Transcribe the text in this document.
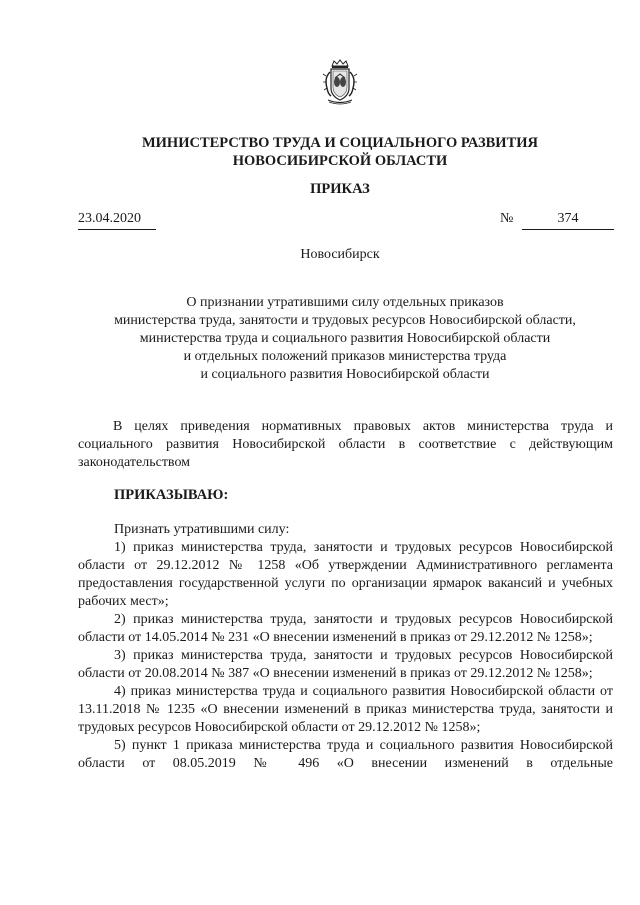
МИНИСТЕРСТВО ТРУДА И СОЦИАЛЬНОГО РАЗВИТИЯ
НОВОСИБИРСКОЙ ОБЛАСТИ
ПРИКАЗ
23.04.2020	№	374
Новосибирск
О признании утратившими силу отдельных приказов
министерства труда, занятости и трудовых ресурсов Новосибирской области,
министерства труда и социального развития Новосибирской области
и отдельных положений приказов министерства труда
и социального развития Новосибирской области
В целях приведения нормативных правовых актов министерства труда и социального развития Новосибирской области в соответствие с действующим законодательством
ПРИКАЗЫВАЮ:

Признать утратившими силу:

1) приказ министерства труда, занятости и трудовых ресурсов Новосибирской области от 29.12.2012 № 1258 «Об утверждении Административного регламента предоставления государственной услуги по организации ярмарок вакансий и учебных рабочих мест»;

2) приказ министерства труда, занятости и трудовых ресурсов Новосибирской области от 14.05.2014 № 231 «О внесении изменений в приказ от 29.12.2012 № 1258»;

3) приказ министерства труда, занятости и трудовых ресурсов Новосибирской области от 20.08.2014 № 387 «О внесении изменений в приказ от 29.12.2012 № 1258»;

4) приказ министерства труда и социального развития Новосибирской области от 13.11.2018 № 1235 «О внесении изменений в приказ министерства труда, занятости и трудовых ресурсов Новосибирской области от 29.12.2012 № 1258»;

5) пункт 1 приказа министерства труда и социального развития Новосибирской области от 08.05.2019 № 496 «О внесении изменений в отдельные
